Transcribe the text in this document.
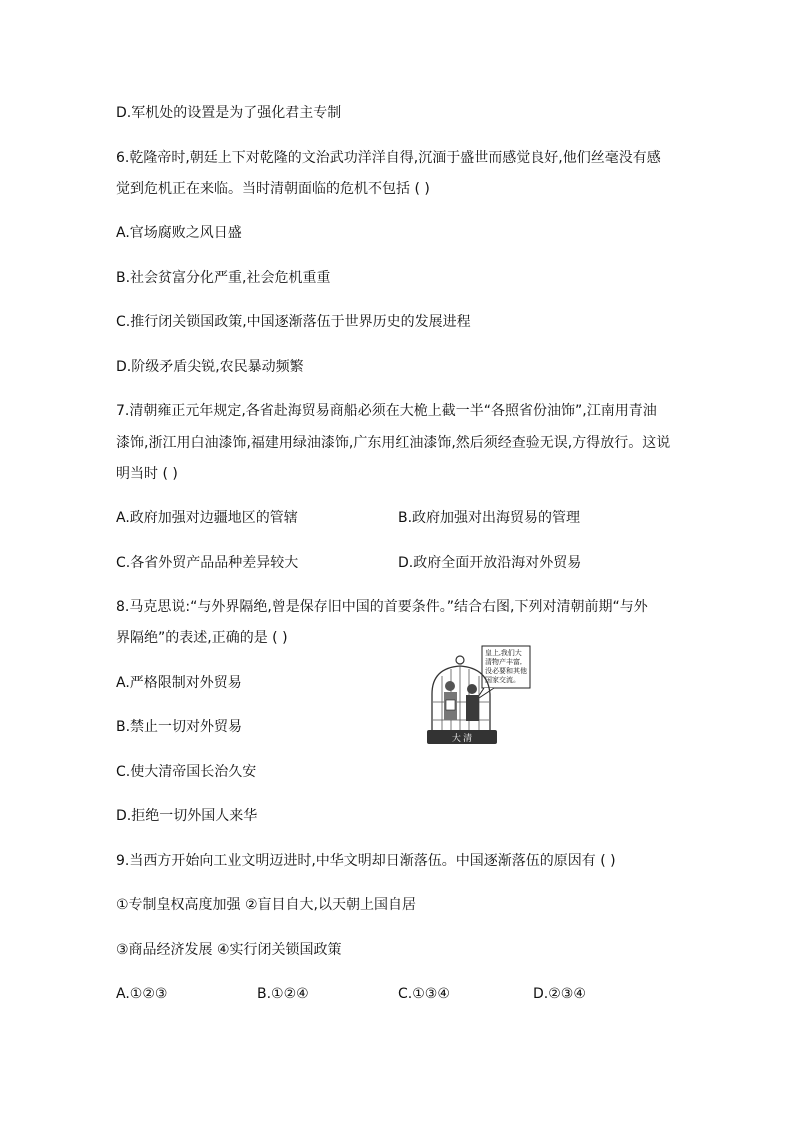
D.军机处的设置是为了强化君主专制
6.乾隆帝时,朝廷上下对乾隆的文治武功洋洋自得,沉湎于盛世而感觉良好,他们丝毫没有感
觉到危机正在来临。当时清朝面临的危机不包括 ( )
A.官场腐败之风日盛
B.社会贫富分化严重,社会危机重重
C.推行闭关锁国政策,中国逐渐落伍于世界历史的发展进程
D.阶级矛盾尖锐,农民暴动频繁
7.清朝雍正元年规定,各省赴海贸易商船必须在大桅上截一半“各照省份油饰”,江南用青油
漆饰,浙江用白油漆饰,福建用绿油漆饰,广东用红油漆饰,然后须经查验无误,方得放行。这说
明当时 ( )
A.政府加强对边疆地区的管辖	B.政府加强对出海贸易的管理
C.各省外贸产品品种差异较大	D.政府全面开放沿海对外贸易
8.马克思说:“与外界隔绝,曾是保存旧中国的首要条件。”结合右图,下列对清朝前期“与外
界隔绝”的表述,正确的是 ( )
A.严格限制对外贸易
B.禁止一切对外贸易
C.使大清帝国长治久安
D.拒绝一切外国人来华
皇上,我们大
清物产丰富,
没必要和其他
国家交流。
大 清
9.当西方开始向工业文明迈进时,中华文明却日渐落伍。中国逐渐落伍的原因有 ( )
①专制皇权高度加强 ②盲目自大,以天朝上国自居
③商品经济发展 ④实行闭关锁国政策
A.①②③	B.①②④	C.①③④	D.②③④
